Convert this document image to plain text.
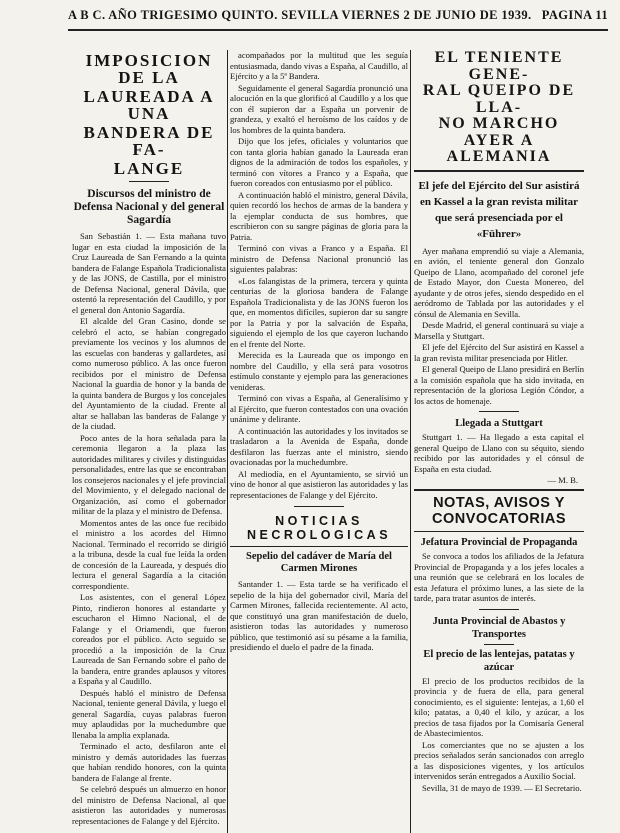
A B C. AÑO TRIGESIMO QUINTO. SEVILLA VIERNES 2 DE JUNIO DE 1939. PAGINA 11

IMPOSICION DE LA

LAUREADA A UNA

BANDERA DE FA-

LANGE

Discursos del ministro de Defensa Nacional y del general Sagardía

San Sebastián 1. — Esta mañana tuvo lugar en esta ciudad la imposición de la Cruz Laureada de San Fernando a la quinta bandera de Falange Española Tradicionalista y de las JONS, de Castilla, por el ministro de Defensa Nacional, general Dávila, que ostentó la representación del Caudillo, y por el general don Antonio Sagardía.

El alcalde del Gran Casino, donde se celebró el acto, se habían congregado previamente los vecinos y los alumnos de las escuelas con banderas y gallardetes, así como numeroso público. A las once fueron recibidos por el ministro de Defensa Nacional la guardia de honor y la banda de la quinta bandera de Burgos y los concejales del Ayuntamiento de la ciudad. Frente al altar se hallaban las banderas de Falange y de la ciudad.

Poco antes de la hora señalada para la ceremonia llegaron a la plaza las autoridades militares y civiles y distinguidas personalidades, entre las que se encontraban los consejeros nacionales y el jefe provincial del Movimiento, y el delegado nacional de Organización, así como el gobernador militar de la plaza y el ministro de Defensa.

Momentos antes de las once fue recibido el ministro a los acordes del Himno Nacional. Terminado el recorrido se dirigió a la tribuna, desde la cual fue leída la orden de concesión de la Laureada, y después dio lectura el general Sagardía a la citación correspondiente.

Los asistentes, con el general López Pinto, rindieron honores al estandarte y escucharon el Himno Nacional, el de Falange y el Oriamendi, que fueron coreados por el público. Acto seguido se procedió a la imposición de la Cruz Laureada de San Fernando sobre el paño de la bandera, entre grandes aplausos y vítores a España y al Caudillo.

Después habló el ministro de Defensa Nacional, teniente general Dávila, y luego el general Sagardía, cuyas palabras fueron muy aplaudidas por la muchedumbre que llenaba la amplia explanada.

Terminado el acto, desfilaron ante el ministro y demás autoridades las fuerzas que habían rendido honores, con la quinta bandera de Falange al frente.

Se celebró después un almuerzo en honor del ministro de Defensa Nacional, al que asistieron las autoridades y numerosas representaciones de Falange y del Ejército.

acompañados por la multitud que les seguía entusiasmada, dando vivas a España, al Caudillo, al Ejército y a la 5ª Bandera.

Seguidamente el general Sagardía pronunció una alocución en la que glorificó al Caudillo y a los que con él supieron dar a España un porvenir de grandeza, y exaltó el heroísmo de los caídos y de los hombres de la quinta bandera.

Dijo que los jefes, oficiales y voluntarios que con tanta gloria habían ganado la Laureada eran dignos de la admiración de todos los españoles, y terminó con vítores a Franco y a España, que fueron coreados con entusiasmo por el público.

A continuación habló el ministro, general Dávila, quien recordó los hechos de armas de la bandera y la ejemplar conducta de sus hombres, que escribieron con su sangre páginas de gloria para la Patria.

Terminó con vivas a Franco y a España. El ministro de Defensa Nacional pronunció las siguientes palabras:

«Los falangistas de la primera, tercera y quinta centurias de la gloriosa bandera de Falange Española Tradicionalista y de las JONS fueron los que, en momentos difíciles, supieron dar su sangre por la Patria y por la salvación de España, siguiendo el ejemplo de los que cayeron luchando en el frente del Norte.

Merecida es la Laureada que os impongo en nombre del Caudillo, y ella será para vosotros estímulo constante y ejemplo para las generaciones venideras.

Terminó con vivas a España, al Generalísimo y al Ejército, que fueron contestados con una ovación unánime y delirante.

A continuación las autoridades y los invitados se trasladaron a la Avenida de España, donde desfilaron las fuerzas ante el ministro, siendo ovacionadas por la muchedumbre.

Al mediodía, en el Ayuntamiento, se sirvió un vino de honor al que asistieron las autoridades y las representaciones de Falange y del Ejército.

NOTICIAS NECROLOGICAS

Sepelio del cadáver de María del Carmen Mirones

Santander 1. — Esta tarde se ha verificado el sepelio de la hija del gobernador civil, María del Carmen Mirones, fallecida recientemente. Al acto, que constituyó una gran manifestación de duelo, asistieron todas las autoridades y numeroso público, que testimonió así su pésame a la familia, presidiendo el duelo el padre de la finada.

EL TENIENTE GENE-

RAL QUEIPO DE LLA-

NO MARCHO AYER A

ALEMANIA

El jefe del Ejército del Sur asistirá en Kassel a la gran revista militar que será presenciada por el «Führer»

Ayer mañana emprendió su viaje a Alemania, en avión, el teniente general don Gonzalo Queipo de Llano, acompañado del coronel jefe de Estado Mayor, don Cuesta Monereo, del ayudante y de otros jefes, siendo despedido en el aeródromo de Tablada por las autoridades y el cónsul de Alemania en Sevilla.

Desde Madrid, el general continuará su viaje a Marsella y Stuttgart.

El jefe del Ejército del Sur asistirá en Kassel a la gran revista militar presenciada por Hitler.

El general Queipo de Llano presidirá en Berlín a la comisión española que ha sido invitada, en representación de la gloriosa Legión Cóndor, a los actos de homenaje.

Llegada a Stuttgart

Stuttgart 1. — Ha llegado a esta capital el general Queipo de Llano con su séquito, siendo recibido por las autoridades y el cónsul de España en esta ciudad.

— M. B.

NOTAS, AVISOS Y CONVOCATORIAS

Jefatura Provincial de Propaganda

Se convoca a todos los afiliados de la Jefatura Provincial de Propaganda y a los jefes locales a una reunión que se celebrará en los locales de esta Jefatura el próximo lunes, a las siete de la tarde, para tratar asuntos de interés.

Junta Provincial de Abastos y Transportes

El precio de las lentejas, patatas y azúcar

El precio de los productos recibidos de la provincia y de fuera de ella, para general conocimiento, es el siguiente: lentejas, a 1,60 el kilo; patatas, a 0,40 el kilo, y azúcar, a los precios de tasa fijados por la Comisaría General de Abastecimientos.

Los comerciantes que no se ajusten a los precios señalados serán sancionados con arreglo a las disposiciones vigentes, y los artículos intervenidos serán entregados a Auxilio Social.

Sevilla, 31 de mayo de 1939. — El Secretario.
